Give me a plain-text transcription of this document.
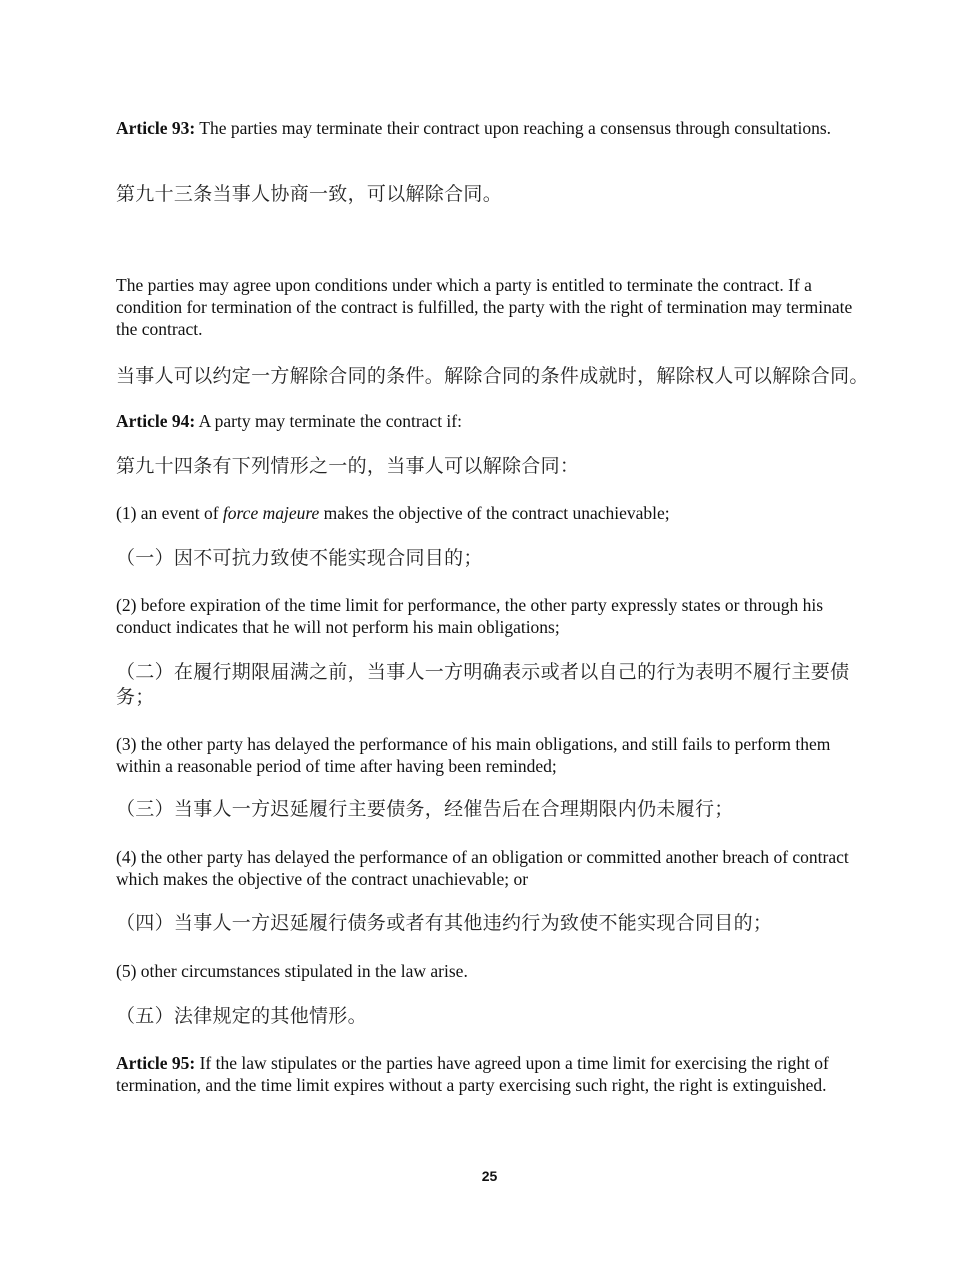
Article 93: The parties may terminate their contract upon reaching a consensus through consultations.

第九十三条当事人协商一致，可以解除合同。

The parties may agree upon conditions under which a party is entitled to terminate the contract. If a condition for termination of the contract is fulfilled, the party with the right of termination may terminate the contract.

当事人可以约定一方解除合同的条件。解除合同的条件成就时，解除权人可以解除合同。

Article 94: A party may terminate the contract if:

第九十四条有下列情形之一的，当事人可以解除合同：

(1) an event of force majeure makes the objective of the contract unachievable;

（一）因不可抗力致使不能实现合同目的；

(2) before expiration of the time limit for performance, the other party expressly states or through his conduct indicates that he will not perform his main obligations;

（二）在履行期限届满之前，当事人一方明确表示或者以自己的行为表明不履行主要债务；

(3) the other party has delayed the performance of his main obligations, and still fails to perform them within a reasonable period of time after having been reminded;

（三）当事人一方迟延履行主要债务，经催告后在合理期限内仍未履行；

(4) the other party has delayed the performance of an obligation or committed another breach of contract which makes the objective of the contract unachievable; or

（四）当事人一方迟延履行债务或者有其他违约行为致使不能实现合同目的；

(5) other circumstances stipulated in the law arise.

（五）法律规定的其他情形。

Article 95: If the law stipulates or the parties have agreed upon a time limit for exercising the right of termination, and the time limit expires without a party exercising such right, the right is extinguished.

25
